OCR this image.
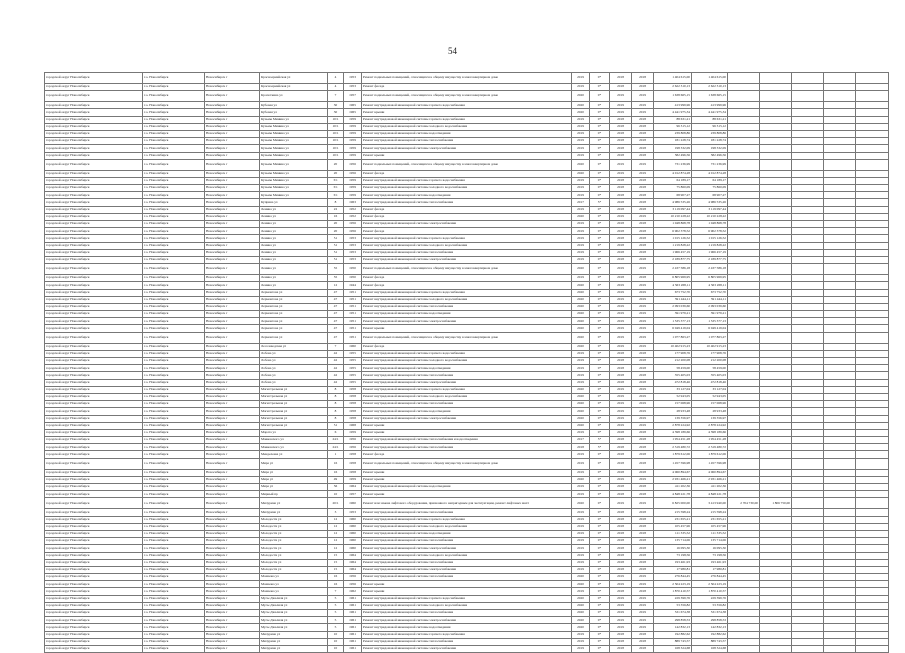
54
городской округ Новосибирск	г.о. Новосибирск	Новосибирск г	Красноармейская ул	4	1953	Ремонт подвальных помещений, относящихся к общему имуществу в многоквартирном доме	2019	0*	2018	2018	1 404 615,00	1 404 615,00					
городской округ Новосибирск	г.о. Новосибирск	Новосибирск г	Красноармейская ул	4	1953	Ремонт фасада	2019	0*	2018	2018	2 622 310,13	2 622 310,13					
городской округ Новосибирск	г.о. Новосибирск	Новосибирск г	Кропоткина ул	7	1957	Ремонт подвальных помещений, относящихся к общему имуществу в многоквартирном доме	2020	0*	2019	2019	1 638 665,15	1 638 665,15					
городской округ Новосибирск	г.о. Новосибирск	Новосибирск г	Кубовая ул	30	1965	Ремонт внутридомовой инженерной системы горячего водоснабжения	2020	0*	2019	2019	413 999,96	413 999,96					
городской округ Новосибирск	г.о. Новосибирск	Новосибирск г	Кубовая ул	30	1965	Ремонт крыши	2020	0*	2019	2019	4 441 975,34	4 441 975,34					
городской округ Новосибирск	г.о. Новосибирск	Новосибирск г	Кузьмы Минина ул	10/1	1959	Ремонт внутридомовой инженерной системы горячего водоснабжения	2019	0*	2018	2018	88 631,21	88 631,21					
городской округ Новосибирск	г.о. Новосибирск	Новосибирск г	Кузьмы Минина ул	10/1	1959	Ремонт внутридомовой инженерной системы холодного водоснабжения	2019	0*	2018	2018	96 315,12	96 315,12					
городской округ Новосибирск	г.о. Новосибирск	Новосибирск г	Кузьмы Минина ул	10/1	1959	Ремонт внутридомовой инженерной системы водоотведения	2019	0*	2018	2018	239 808,86	239 808,86					
городской округ Новосибирск	г.о. Новосибирск	Новосибирск г	Кузьмы Минина ул	10/1	1959	Ремонт внутридомовой инженерной системы теплоснабжения	2019	0*	2018	2018	181 228,74	181 228,74					
городской округ Новосибирск	г.о. Новосибирск	Новосибирск г	Кузьмы Минина ул	10/1	1959	Ремонт внутридомовой инженерной системы электроснабжения	2019	0*	2018	2018	198 332,09	198 332,09					
городской округ Новосибирск	г.о. Новосибирск	Новосибирск г	Кузьмы Минина ул	10/1	1959	Ремонт крыши	2019	0*	2018	2018	582 496,56	582 496,56					
городской округ Новосибирск	г.о. Новосибирск	Новосибирск г	Кузьмы Минина ул	20	1956	Ремонт подвальных помещений, относящихся к общему имуществу в многоквартирном доме	2020	0*	2019	2019	731 236,99	731 236,99					
городской округ Новосибирск	г.о. Новосибирск	Новосибирск г	Кузьмы Минина ул	20	1956	Ремонт фасада	2020	0*	2019	2019	4 012 874,28	4 012 874,28					
городской округ Новосибирск	г.о. Новосибирск	Новосибирск г	Кузьмы Минина ул	3/1	1959	Ремонт внутридомовой инженерной системы горячего водоснабжения	2019	0*	2018	2018	64 189,17	64 189,17					
городской округ Новосибирск	г.о. Новосибирск	Новосибирск г	Кузьмы Минина ул	3/1	1959	Ремонт внутридомовой инженерной системы холодного водоснабжения	2019	0*	2018	2018	75 860,09	75 860,09					
городской округ Новосибирск	г.о. Новосибирск	Новосибирск г	Кузьмы Минина ул	3/1	1959	Ремонт внутридомовой инженерной системы водоотведения	2019	0*	2018	2018	68 907,27	68 907,27					
городской округ Новосибирск	г.о. Новосибирск	Новосибирск г	Куприна ул	8	1963	Ремонт внутридомовой инженерной системы теплоснабжения	2017	5*	2018	2018	4 986 535,26	4 986 535,26					
городской округ Новосибирск	г.о. Новосибирск	Новосибирск г	Ленина ул	22	1952	Ремонт фасада	2019	0*	2018	2018	3 119 097,44	3 119 097,44					
городской округ Новосибирск	г.о. Новосибирск	Новосибирск г	Ленина ул	16	1952	Ремонт фасада	2020	0*	2019	2019	10 210 228,22	10 210 228,22					
городской округ Новосибирск	г.о. Новосибирск	Новосибирск г	Ленина ул	20	1956	Ремонт внутридомовой инженерной системы электроснабжения	2019	0*	2018	2018	1 048 868,78	1 048 868,78					
городской округ Новосибирск	г.о. Новосибирск	Новосибирск г	Ленина ул	20	1956	Ремонт фасада	2019	0*	2018	2018	6 902 378,52	6 902 378,52					
городской округ Новосибирск	г.о. Новосибирск	Новосибирск г	Ленина ул	51	1953	Ремонт внутридомовой инженерной системы горячего водоснабжения	2019	0*	2018	2018	1 015 126,52	1 015 126,52					
городской округ Новосибирск	г.о. Новосибирск	Новосибирск г	Ленина ул	51	1953	Ремонт внутридомовой инженерной системы холодного водоснабжения	2019	0*	2018	2018	1 219 828,22	1 219 828,22					
городской округ Новосибирск	г.о. Новосибирск	Новосибирск г	Ленина ул	51	1953	Ремонт внутридомовой инженерной системы теплоснабжения	2019	0*	2018	2018	1 966 457,19	1 966 457,19					
городской округ Новосибирск	г.о. Новосибирск	Новосибирск г	Ленина ул	51	1953	Ремонт внутридомовой инженерной системы электроснабжения	2019	0*	2018	2018	2 189 877,75	2 189 877,75					
городской округ Новосибирск	г.о. Новосибирск	Новосибирск г	Ленина ул	55	1950	Ремонт подвальных помещений, относящихся к общему имуществу в многоквартирном доме	2020	0*	2019	2019	2 437 586,18	2 437 586,18					
городской округ Новосибирск	г.о. Новосибирск	Новосибирск г	Ленина ул	55	1950	Ремонт фасада	2019	0*	2018	2018	6 805 969,95	6 805 969,95					
городской округ Новосибирск	г.о. Новосибирск	Новосибирск г	Ленина ул	12	1944	Ремонт фасада	2020	0*	2019	2019	4 563 268,11	4 563 268,11					
городской округ Новосибирск	г.о. Новосибирск	Новосибирск г	Лермонтова ул	47	1951	Ремонт внутридомовой инженерной системы горячего водоснабжения	2020	0*	2019	2019	673 752,70	673 752,70					
городской округ Новосибирск	г.о. Новосибирск	Новосибирск г	Лермонтова ул	47	1951	Ремонт внутридомовой инженерной системы холодного водоснабжения	2020	0*	2019	2019	591 444,11	591 444,11					
городской округ Новосибирск	г.о. Новосибирск	Новосибирск г	Лермонтова ул	47	1951	Ремонт внутридомовой инженерной системы теплоснабжения	2020	0*	2019	2019	2 093 039,60	2 093 039,60					
городской округ Новосибирск	г.о. Новосибирск	Новосибирск г	Лермонтова ул	47	1951	Ремонт внутридомовой инженерной системы водоотведения	2020	0*	2019	2019	391 979,21	391 979,21					
городской округ Новосибирск	г.о. Новосибирск	Новосибирск г	Лермонтова ул	47	1951	Ремонт внутридомовой инженерной системы электроснабжения	2020	0*	2019	2019	1 535 377,13	1 535 377,13					
городской округ Новосибирск	г.о. Новосибирск	Новосибирск г	Лермонтова ул	47	1951	Ремонт крыши	2020	0*	2019	2019	6 049 419,04	6 049 419,04					
городской округ Новосибирск	г.о. Новосибирск	Новосибирск г	Лермонтова ул	47	1951	Ремонт подвальных помещений, относящихся к общему имуществу в многоквартирном доме	2020	0*	2019	2019	1 077 863,27	1 077 863,27					
городской округ Новосибирск	г.о. Новосибирск	Новосибирск г	Лесозаводская ул	7	1960	Ремонт фасада	2020	0*	2019	2019	10 402 915,23	10 402 915,23					
городской округ Новосибирск	г.о. Новосибирск	Новосибирск г	Лобова ул	42	1955	Ремонт внутридомовой инженерной системы горячего водоснабжения	2019	0*	2018	2018	177 908,76	177 908,76					
городской округ Новосибирск	г.о. Новосибирск	Новосибирск г	Лобова ул	42	1955	Ремонт внутридомовой инженерной системы холодного водоснабжения	2019	0*	2018	2018	212 200,08	212 200,08					
городской округ Новосибирск	г.о. Новосибирск	Новосибирск г	Лобова ул	42	1955	Ремонт внутридомовой инженерной системы водоотведения	2019	0*	2018	2018	58 459,00	58 459,00					
городской округ Новосибирск	г.о. Новосибирск	Новосибирск г	Лобова ул	42	1955	Ремонт внутридомовой инженерной системы теплоснабжения	2019	0*	2018	2018	355 405,03	355 405,03					
городской округ Новосибирск	г.о. Новосибирск	Новосибирск г	Лобова ул	42	1955	Ремонт внутридомовой инженерной системы электроснабжения	2019	0*	2018	2018	472 818,46	472 818,46					
городской округ Новосибирск	г.о. Новосибирск	Новосибирск г	Магистральная ул	8	1958	Ремонт внутридомовой инженерной системы горячего водоснабжения	2020	0*	2019	2019	33 127,04	33 127,04					
городской округ Новосибирск	г.о. Новосибирск	Новосибирск г	Магистральная ул	8	1958	Ремонт внутридомовой инженерной системы холодного водоснабжения	2020	0*	2019	2019	52 943,05	52 943,05					
городской округ Новосибирск	г.о. Новосибирск	Новосибирск г	Магистральная ул	8	1958	Ремонт внутридомовой инженерной системы теплоснабжения	2020	0*	2019	2019	157 068,96	157 068,96					
городской округ Новосибирск	г.о. Новосибирск	Новосибирск г	Магистральная ул	8	1958	Ремонт внутридомовой инженерной системы водоотведения	2020	0*	2019	2019	28 933,48	28 933,48					
городской округ Новосибирск	г.о. Новосибирск	Новосибирск г	Магистральная ул	8	1958	Ремонт внутридомовой инженерной системы электроснабжения	2020	0*	2019	2019	139 356,97	139 356,97					
городской округ Новосибирск	г.о. Новосибирск	Новосибирск г	Магистральная ул	51	1968	Ремонт крыши	2020	0*	2019	2019	2 878 224,92	2 878 224,92					
городской округ Новосибирск	г.о. Новосибирск	Новосибирск г	Марата ул	6	1959	Ремонт крыши	2019	0*	2018	2018	4 398 189,66	4 398 189,66					
городской округ Новосибирск	г.о. Новосибирск	Новосибирск г	Маяковского ул	24/1	1956	Ремонт внутридомовой инженерной системы теплоснабжения и водоотведения	2017	5*	2018	2018	1 954 451,28	1 954 451,28					
городской округ Новосибирск	г.о. Новосибирск	Новосибирск г	Маяковского ул	24/1	1956	Ремонт внутридомовой инженерной системы теплоснабжения	2018	5*	2018	2018	2 319 480,72	2 319 480,72					
городской округ Новосибирск	г.о. Новосибирск	Новосибирск г	Менделеева ул	1	1958	Ремонт фасада	2019	0*	2018	2018	1 879 612,06	1 879 612,06					
городской округ Новосибирск	г.о. Новосибирск	Новосибирск г	Мира ул	16	1958	Ремонт подвальных помещений, относящихся к общему имуществу в многоквартирном доме	2019	0*	2018	2018	1 457 596,98	1 457 596,98					
городской округ Новосибирск	г.о. Новосибирск	Новосибирск г	Мира ул	16	1958	Ремонт крыши	2019	0*	2018	2018	4 060 894,67	4 060 894,67					
городской округ Новосибирск	г.о. Новосибирск	Новосибирск г	Мира ул	49	1959	Ремонт крыши	2020	0*	2019	2019	2 931 466,21	2 931 466,21					
городской округ Новосибирск	г.о. Новосибирск	Новосибирск г	Мира ул	56	1964	Ремонт внутридомовой инженерной системы водоотведения	2019	0*	2018	2018	411 202,36	411 202,36					
городской округ Новосибирск	г.о. Новосибирск	Новосибирск г	Мирный пр	10	1957	Ремонт крыши	2019	0*	2018	2018	4 848 221,78	4 848 221,78					
городской округ Новосибирск	г.о. Новосибирск	Новосибирск г	Мичурина ул	20/1	1960	Ремонт или замена лифтового оборудования, признанного непригодным для эксплуатации, ремонт лифтовых шахт	2020	0*	2019	2019	6 825 000,00	3 413 940,00	2 704 730,00	1 806 750,00			
городской округ Новосибирск	г.о. Новосибирск	Новосибирск г	Мичурина ул	3	1953	Ремонт внутридомовой инженерной системы теплоснабжения	2019	0*	2018	2018	215 598,24	215 598,24					
городской округ Новосибирск	г.о. Новосибирск	Новосибирск г	Молодости ул	12	1960	Ремонт внутридомовой инженерной системы горячего водоснабжения	2019	0*	2018	2018	231 655,21	231 655,21					
городской округ Новосибирск	г.о. Новосибирск	Новосибирск г	Молодости ул	12	1960	Ремонт внутридомовой инженерной системы холодного водоснабжения	2019	0*	2018	2018	105 457,96	105 457,96					
городской округ Новосибирск	г.о. Новосибирск	Новосибирск г	Молодости ул	12	1960	Ремонт внутридомовой инженерной системы водоотведения	2019	0*	2018	2018	111 335,52	111 335,52					
городской округ Новосибирск	г.о. Новосибирск	Новосибирск г	Молодости ул	12	1960	Ремонт внутридомовой инженерной системы теплоснабжения	2019	0*	2018	2018	135 714,06	135 714,06					
городской округ Новосибирск	г.о. Новосибирск	Новосибирск г	Молодости ул	12	1960	Ремонт внутридомовой инженерной системы электроснабжения	2019	0*	2018	2018	16 095,30	16 095,30					
городской округ Новосибирск	г.о. Новосибирск	Новосибирск г	Молодости ул	15	1964	Ремонт внутридомовой инженерной системы холодного водоснабжения	2019	0*	2018	2018	73 198,56	73 198,56					
городской округ Новосибирск	г.о. Новосибирск	Новосибирск г	Молодости ул	15	1964	Ремонт внутридомовой инженерной системы теплоснабжения	2019	0*	2018	2018	193 461,93	193 461,93					
городской округ Новосибирск	г.о. Новосибирск	Новосибирск г	Молодости ул	15	1964	Ремонт внутридомовой инженерной системы электроснабжения	2019	0*	2018	2018	17 980,81	17 980,81					
городской округ Новосибирск	г.о. Новосибирск	Новосибирск г	Мошкова ул	16	1956	Ремонт внутридомовой инженерной системы теплоснабжения	2020	0*	2019	2019	276 844,45	276 844,45					
городской округ Новосибирск	г.о. Новосибирск	Новосибирск г	Мошкова ул	16	1956	Ремонт крыши	2020	0*	2019	2019	2 504 223,19	2 504 223,19					
городской округ Новосибирск	г.о. Новосибирск	Новосибирск г	Мошкова ул	7	1962	Ремонт крыши	2019	0*	2018	2018	1 870 410,57	1 870 410,57					
городской округ Новосибирск	г.о. Новосибирск	Новосибирск г	Мусы Джалиля ул	5	1961	Ремонт внутридомовой инженерной системы горячего водоснабжения	2020	0*	2019	2019	229 399,76	229 399,76					
городской округ Новосибирск	г.о. Новосибирск	Новосибирск г	Мусы Джалиля ул	5	1961	Ремонт внутридомовой инженерной системы холодного водоснабжения	2020	0*	2019	2019	53 356,82	53 356,82					
городской округ Новосибирск	г.о. Новосибирск	Новосибирск г	Мусы Джалиля ул	5	1961	Ремонт внутридомовой инженерной системы теплоснабжения	2020	0*	2019	2019	531 674,38	531 674,38					
городской округ Новосибирск	г.о. Новосибирск	Новосибирск г	Мусы Джалиля ул	5	1961	Ремонт внутридомовой инженерной системы электроснабжения	2020	0*	2019	2019	298 858,53	298 858,53					
городской округ Новосибирск	г.о. Новосибирск	Новосибирск г	Мусы Джалиля ул	5	1961	Ремонт внутридомовой инженерной системы водоотведения	2020	0*	2019	2019	142 832,13	142 832,13					
городской округ Новосибирск	г.о. Новосибирск	Новосибирск г	Мичурина ул	10	1961	Ремонт внутридомовой инженерной системы горячего водоснабжения	2019	0*	2018	2018	192 882,62	192 882,62					
городской округ Новосибирск	г.о. Новосибирск	Новосибирск г	Мичурина ул	10	1961	Ремонт внутридомовой инженерной системы теплоснабжения	2019	0*	2018	2018	889 743,57	889 743,57					
городской округ Новосибирск	г.о. Новосибирск	Новосибирск г	Мичурина ул	10	1961	Ремонт внутридомовой инженерной системы электроснабжения	2019	0*	2018	2018	168 324,68	168 324,68					
